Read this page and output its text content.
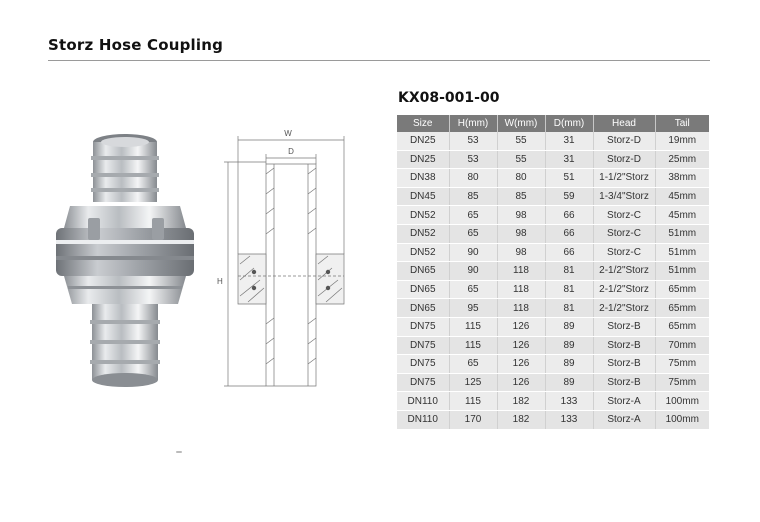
Storz Hose Coupling
W
D
H
KX08-001-00
Size	H(mm)	W(mm)	D(mm)	Head	Tail
DN25	53	55	31	Storz-D	19mm
DN25	53	55	31	Storz-D	25mm
DN38	80	80	51	1-1/2"Storz	38mm
DN45	85	85	59	1-3/4"Storz	45mm
DN52	65	98	66	Storz-C	45mm
DN52	65	98	66	Storz-C	51mm
DN52	90	98	66	Storz-C	51mm
DN65	90	118	81	2-1/2"Storz	51mm
DN65	65	118	81	2-1/2"Storz	65mm
DN65	95	118	81	2-1/2"Storz	65mm
DN75	115	126	89	Storz-B	65mm
DN75	115	126	89	Storz-B	70mm
DN75	65	126	89	Storz-B	75mm
DN75	125	126	89	Storz-B	75mm
DN110	115	182	133	Storz-A	100mm
DN110	170	182	133	Storz-A	100mm
